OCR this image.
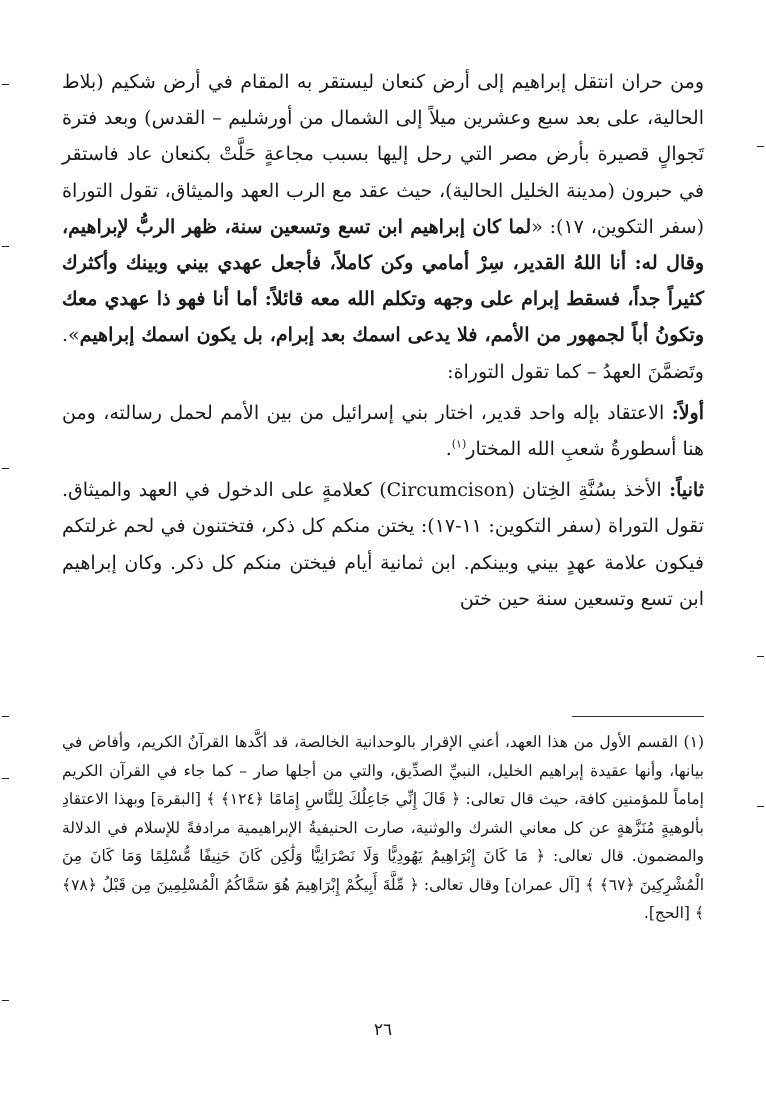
ومن حران انتقل إبراهيم إلى أرض كنعان ليستقر به المقام في أرض شكيم (بلاط الحالية، على بعد سبع وعشرين ميلاً إلى الشمال من أورشليم – القدس) وبعد فترة تَجوالٍ قصيرة بأرض مصر التي رحل إليها بسبب مجاعةٍ حَلَّتْ بكنعان عاد فاستقر في حبرون (مدينة الخليل الحالية)، حيث عقد مع الرب العهد والميثاق، تقول التوراة (سفر التكوين، ١٧): «لما كان إبراهيم ابن تسع وتسعين سنة، ظهر الربُّ لإبراهيم، وقال له: أنا اللهُ القدير، سِرْ أمامي وكن كاملاً، فأجعل عهدي بيني وبينك وأكثرك كثيراً جداً، فسقط إبرام على وجهه وتكلم الله معه قائلاً: أما أنا فهو ذا عهدي معك وتكونُ أباً لجمهور من الأمم، فلا يدعى اسمك بعد إبرام، بل يكون اسمك إبراهيم». وتَضمَّنَ العهدُ – كما تقول التوراة:

أولاً: الاعتقاد بإله واحد قدير، اختار بني إسرائيل من بين الأمم لحمل رسالته، ومن هنا أسطورةُ شعبِ الله المختار$^{(١)}$.

ثانياً: الأخذ بسُنَّةِ الخِتان (Circumcison) كعلامةٍ على الدخول في العهد والميثاق. تقول التوراة (سفر التكوين: ١١-١٧): يختن منكم كل ذكر، فتختنون في لحم غرلتكم فيكون علامة عهدٍ بيني وبينكم. ابن ثمانية أيام فيختن منكم كل ذكر. وكان إبراهيم ابن تسع وتسعين سنة حين ختن

(١) القسم الأول من هذا العهد، أعني الإقرار بالوحدانية الخالصة، قد أكَّدها القرآنُ الكريم، وأفاض في بيانها، وأنها عقيدة إبراهيم الخليل، النبيِّ الصدِّيق، والتي من أجلها صار – كما جاء في القرآن الكريم إماماً للمؤمنين كافة، حيث قال تعالى: ﴿ قَالَ إِنِّي جَاعِلُكَ لِلنَّاسِ إِمَامًا ﴿١٢٤﴾ ﴾ [البقرة] وبهذا الاعتقادِ بألوهيةٍ مُنَزَّهةٍ عن كل معاني الشرك والوثنية، صارت الحنيفيةُ الإبراهيمية مرادفةً للإسلام في الدلالة والمضمون. قال تعالى: ﴿ مَا كَانَ إِبْرَاهِيمُ يَهُودِيًّا وَلَا نَصْرَانِيًّا وَلَٰكِن كَانَ حَنِيفًا مُّسْلِمًا وَمَا كَانَ مِنَ الْمُشْرِكِينَ ﴿٦٧﴾ ﴾ [آل عمران] وقال تعالى: ﴿ مِّلَّةَ أَبِيكُمْ إِبْرَاهِيمَ هُوَ سَمَّاكُمُ الْمُسْلِمِينَ مِن قَبْلُ ﴿٧٨﴾ ﴾ [الحج].

٢٦
